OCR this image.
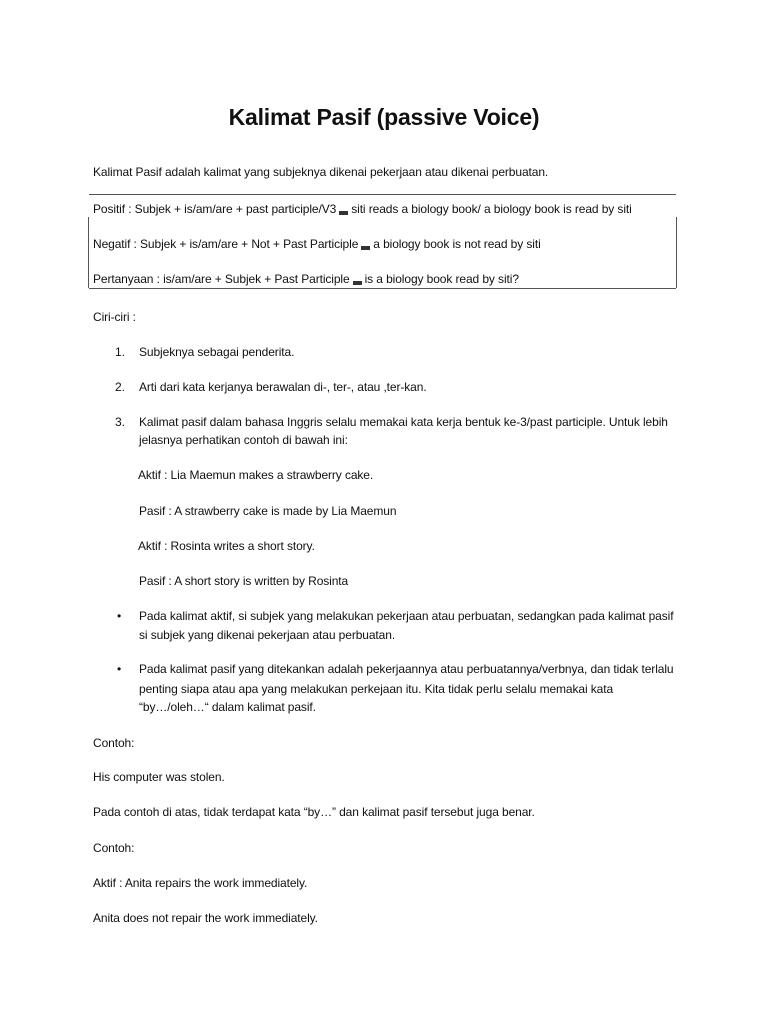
Kalimat Pasif (passive Voice)
Kalimat Pasif adalah kalimat yang subjeknya dikenai pekerjaan atau dikenai perbuatan.
Positif : Subjek + is/am/are + past participle/V3 siti reads a biology book/ a biology book is read by siti
Negatif : Subjek + is/am/are + Not + Past Participle a biology book is not read by siti
Pertanyaan : is/am/are + Subjek + Past Participle is a biology book read by siti?
Ciri-ciri :
1. Subjeknya sebagai penderita.
2. Arti dari kata kerjanya berawalan di-, ter-, atau ,ter-kan.
3. Kalimat pasif dalam bahasa Inggris selalu memakai kata kerja bentuk ke-3/past participle. Untuk lebih
jelasnya perhatikan contoh di bawah ini:
Aktif : Lia Maemun makes a strawberry cake.
Pasif : A strawberry cake is made by Lia Maemun
Aktif : Rosinta writes a short story.
Pasif : A short story is written by Rosinta
• Pada kalimat aktif, si subjek yang melakukan pekerjaan atau perbuatan, sedangkan pada kalimat pasif
si subjek yang dikenai pekerjaan atau perbuatan.
• Pada kalimat pasif yang ditekankan adalah pekerjaannya atau perbuatannya/verbnya, dan tidak terlalu
penting siapa atau apa yang melakukan perkejaan itu. Kita tidak perlu selalu memakai kata
“by…/oleh…“ dalam kalimat pasif.
Contoh:
His computer was stolen.
Pada contoh di atas, tidak terdapat kata “by…” dan kalimat pasif tersebut juga benar.
Contoh:
Aktif : Anita repairs the work immediately.
Anita does not repair the work immediately.
